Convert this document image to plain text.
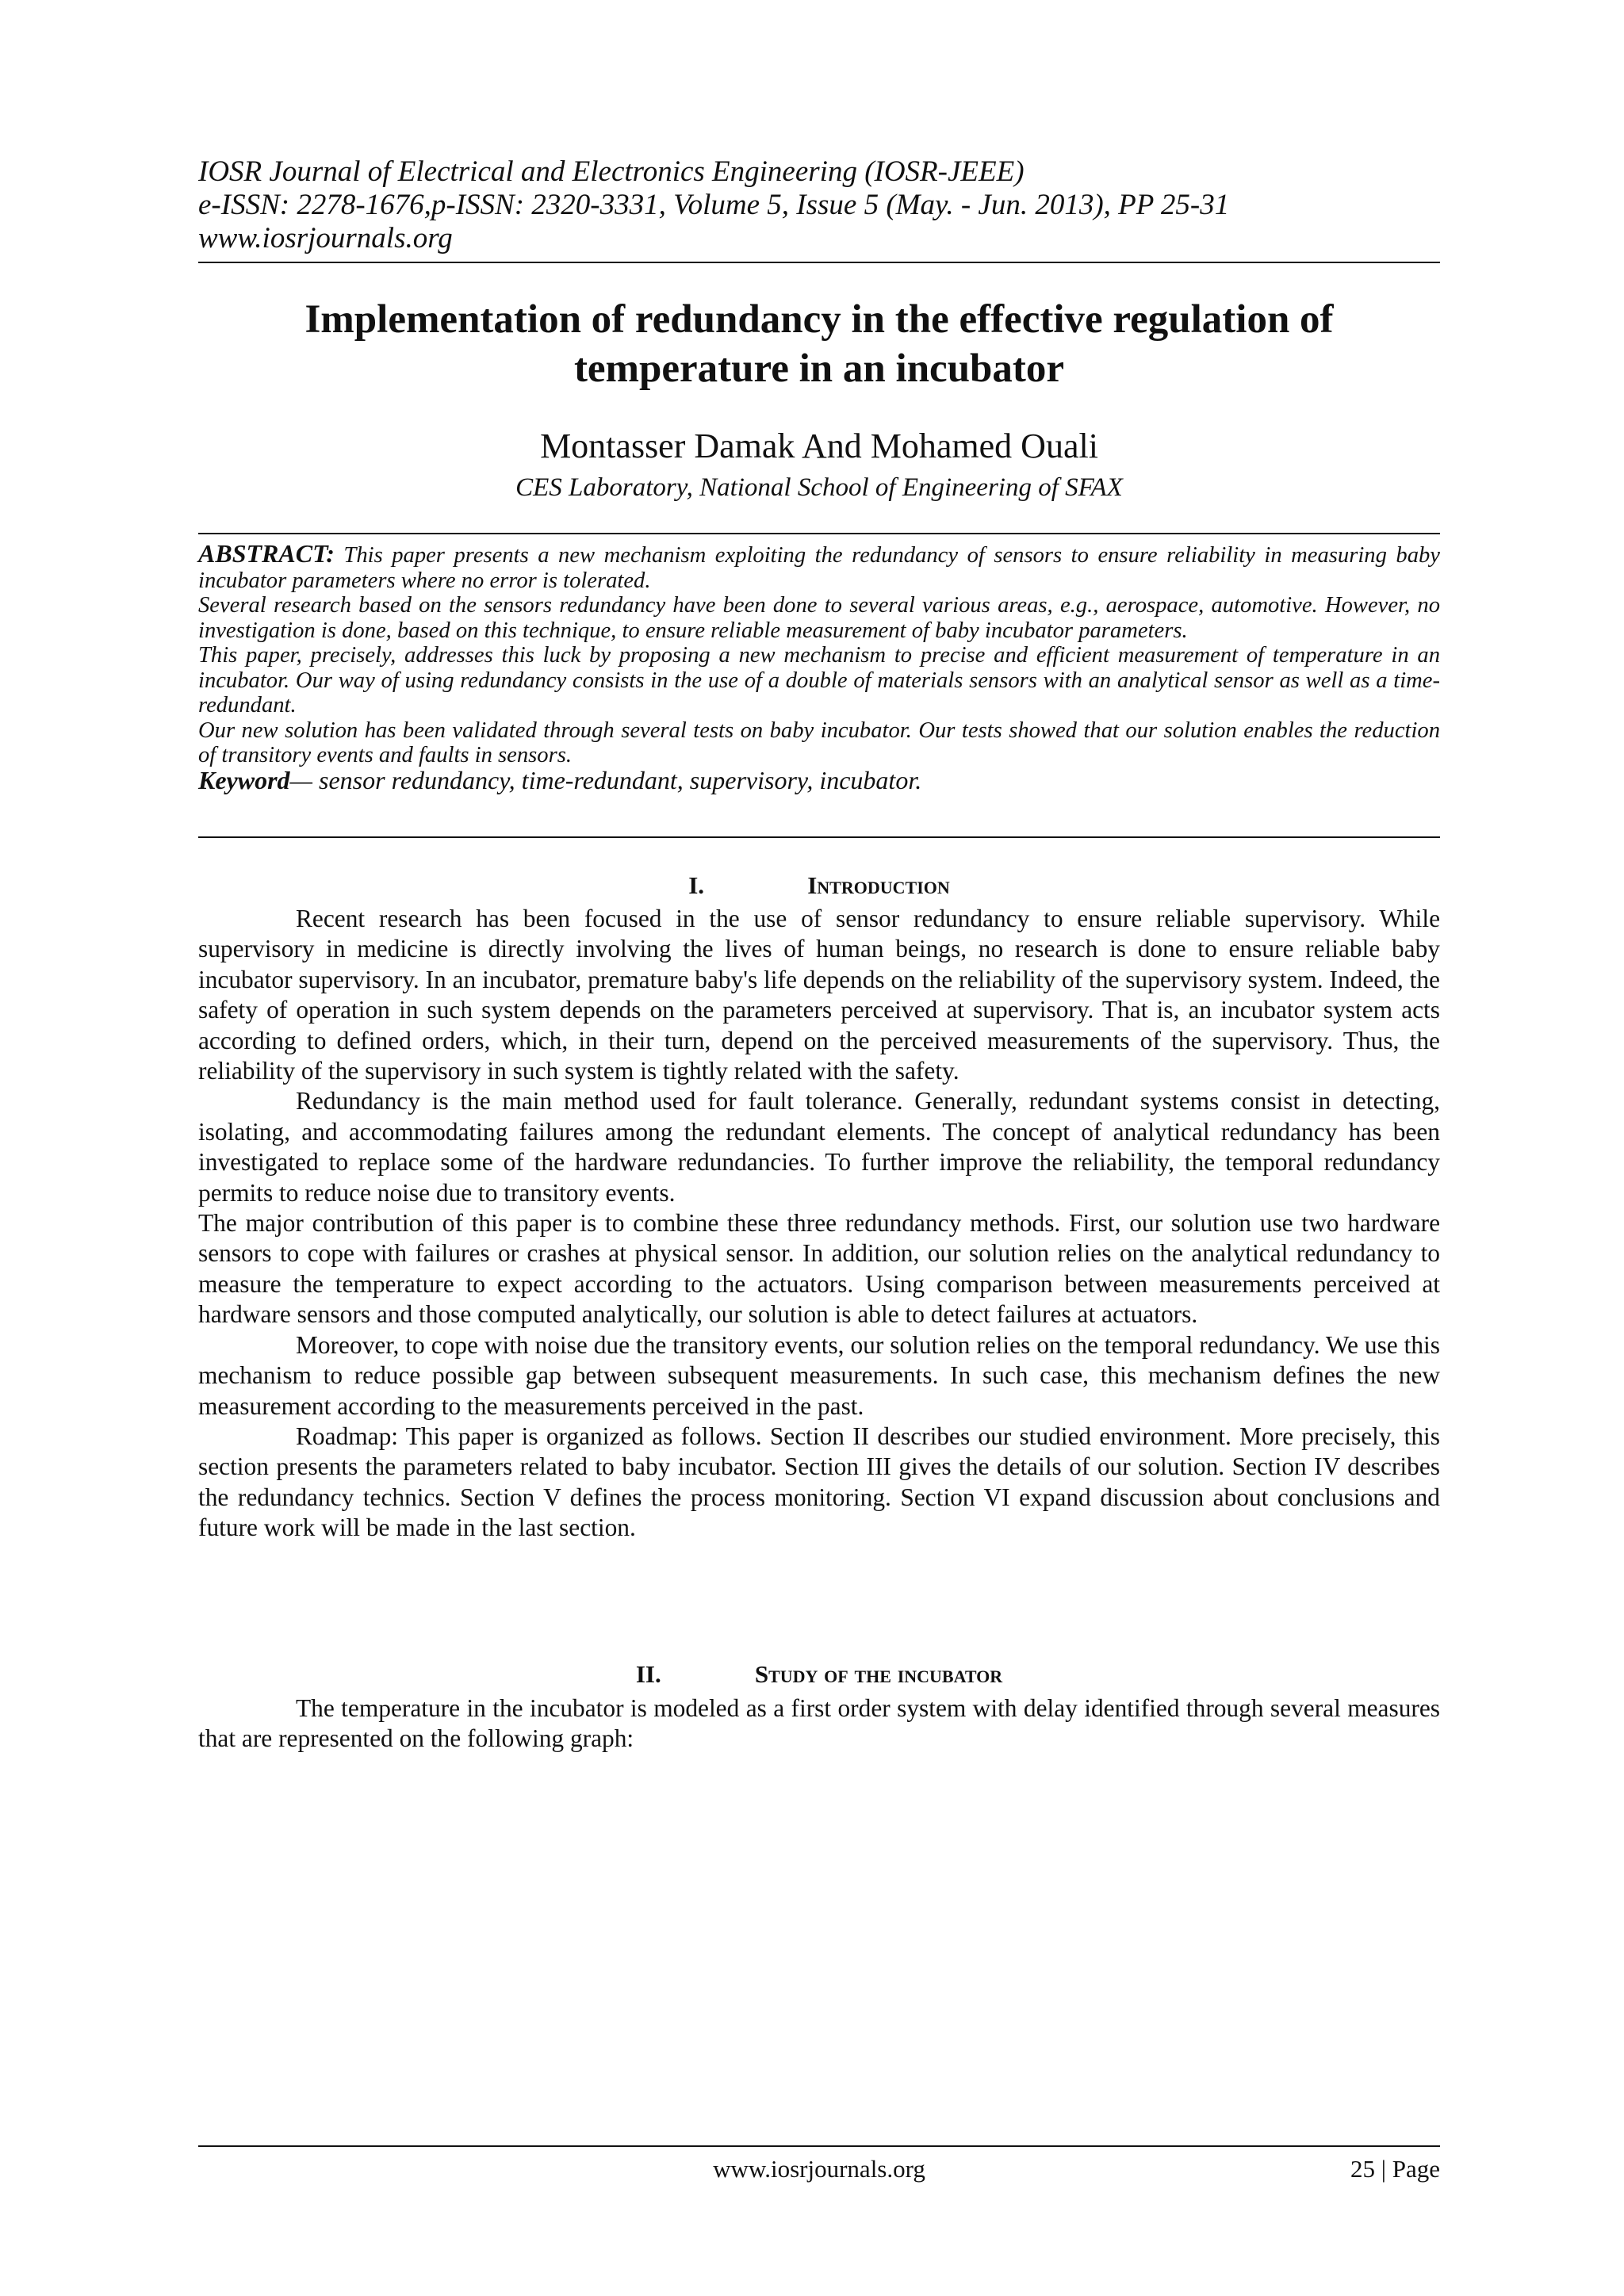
IOSR Journal of Electrical and Electronics Engineering (IOSR-JEEE)
e-ISSN: 2278-1676,p-ISSN: 2320-3331, Volume 5, Issue 5 (May. - Jun. 2013), PP 25-31
www.iosrjournals.org
Implementation of redundancy in the effective regulation of
temperature in an incubator
Montasser Damak And Mohamed Ouali
CES Laboratory, National School of Engineering of SFAX

ABSTRACT: This paper presents a new mechanism exploiting the redundancy of sensors to ensure reliability in measuring baby incubator parameters where no error is tolerated.

Several research based on the sensors redundancy have been done to several various areas, e.g., aerospace, automotive. However, no investigation is done, based on this technique, to ensure reliable measurement of baby incubator parameters.

This paper, precisely, addresses this luck by proposing a new mechanism to precise and efficient measurement of temperature in an incubator. Our way of using redundancy consists in the use of a double of materials sensors with an analytical sensor as well as a time-redundant.

Our new solution has been validated through several tests on baby incubator. Our tests showed that our solution enables the reduction of transitory events and faults in sensors.

Keyword— sensor redundancy, time-redundant, supervisory, incubator.

I.	Introduction

Recent research has been focused in the use of sensor redundancy to ensure reliable supervisory. While supervisory in medicine is directly involving the lives of human beings, no research is done to ensure reliable baby incubator supervisory. In an incubator, premature baby's life depends on the reliability of the supervisory system. Indeed, the safety of operation in such system depends on the parameters perceived at supervisory. That is, an incubator system acts according to defined orders, which, in their turn, depend on the perceived measurements of the supervisory. Thus, the reliability of the supervisory in such system is tightly related with the safety.

Redundancy is the main method used for fault tolerance. Generally, redundant systems consist in detecting, isolating, and accommodating failures among the redundant elements. The concept of analytical redundancy has been investigated to replace some of the hardware redundancies. To further improve the reliability, the temporal redundancy permits to reduce noise due to transitory events.

The major contribution of this paper is to combine these three redundancy methods. First, our solution use two hardware sensors to cope with failures or crashes at physical sensor. In addition, our solution relies on the analytical redundancy to measure the temperature to expect according to the actuators. Using comparison between measurements perceived at hardware sensors and those computed analytically, our solution is able to detect failures at actuators.

Moreover, to cope with noise due the transitory events, our solution relies on the temporal redundancy. We use this mechanism to reduce possible gap between subsequent measurements. In such case, this mechanism defines the new measurement according to the measurements perceived in the past.

Roadmap: This paper is organized as follows. Section II describes our studied environment. More precisely, this section presents the parameters related to baby incubator. Section III gives the details of our solution. Section IV describes the redundancy technics. Section V defines the process monitoring. Section VI expand discussion about conclusions and future work will be made in the last section.

II.	Study of the incubator

The temperature in the incubator is modeled as a first order system with delay identified through several measures that are represented on the following graph:

www.iosrjournals.org	25 | Page
